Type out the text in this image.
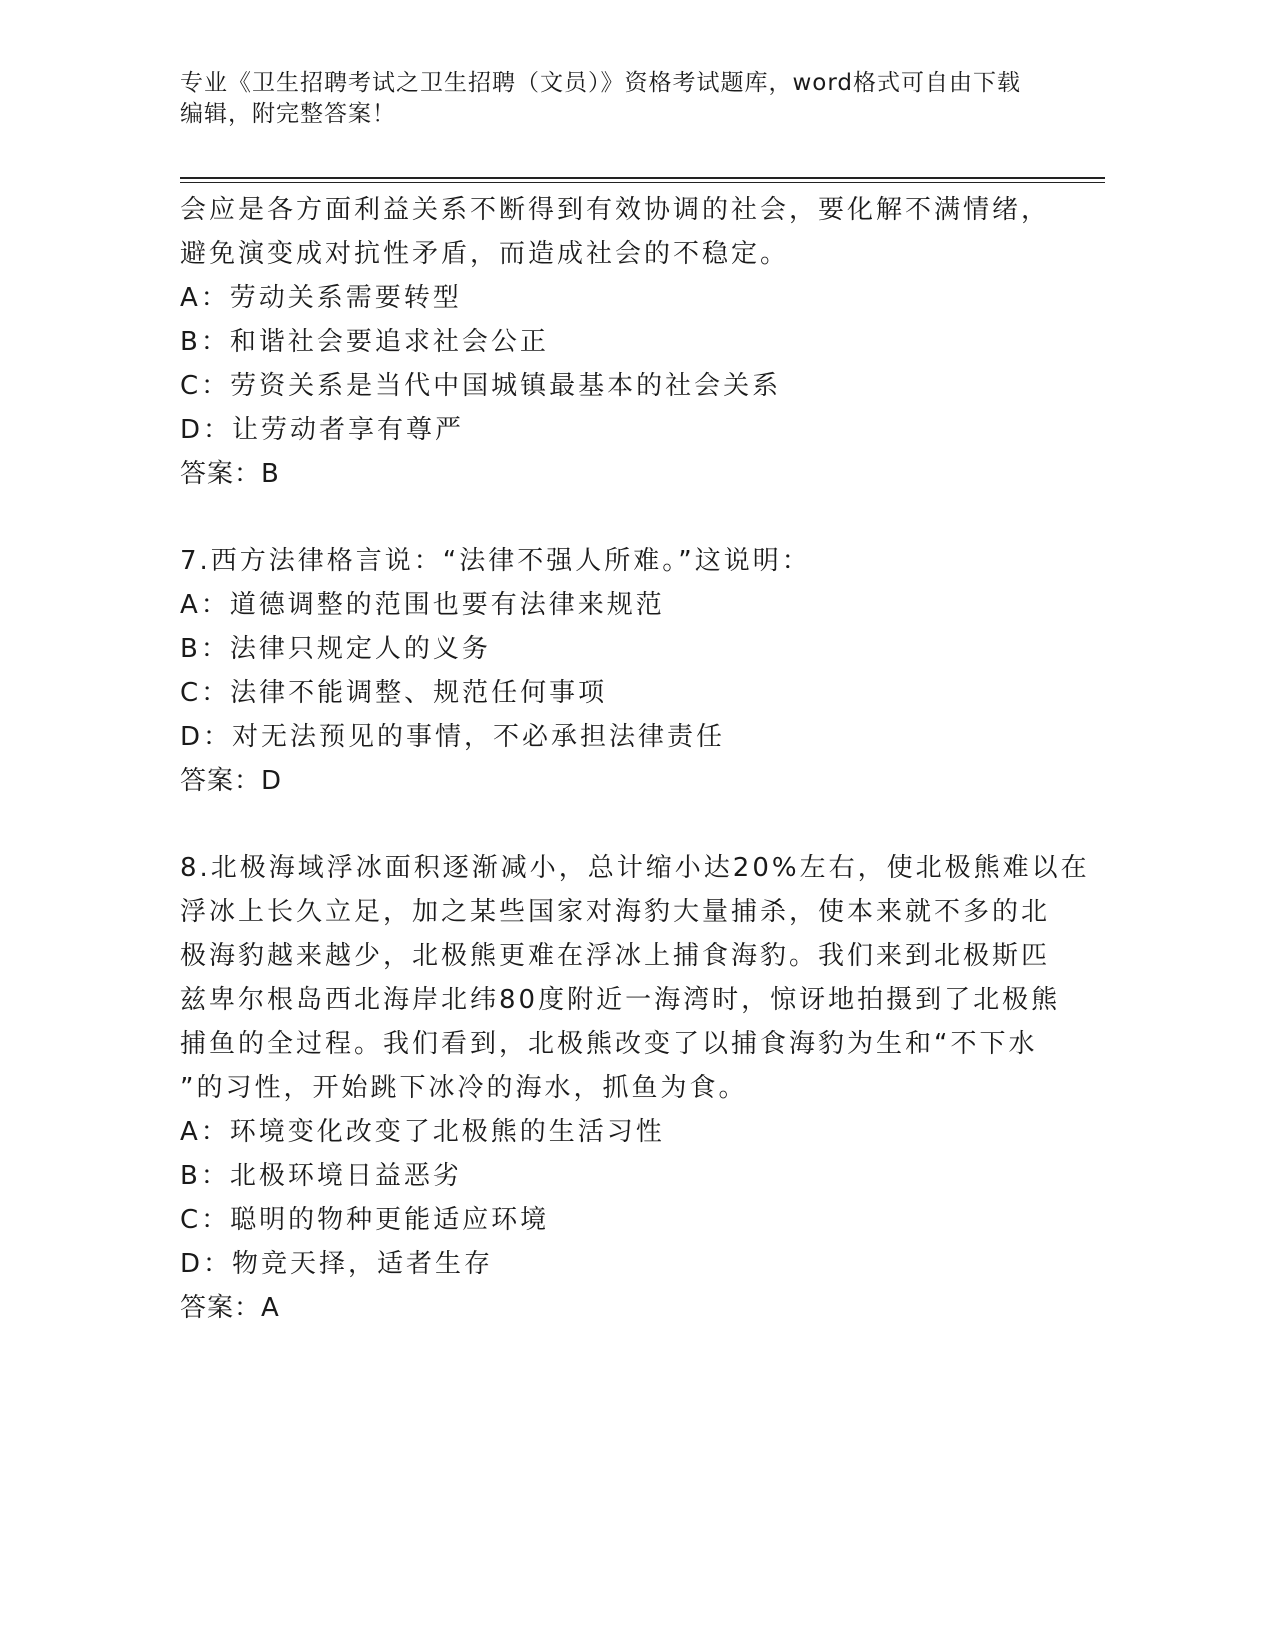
专业《卫生招聘考试之卫生招聘（文员）》资格考试题库，word格式可自由下载
编辑，附完整答案！
会应是各方面利益关系不断得到有效协调的社会，要化解不满情绪，
避免演变成对抗性矛盾，而造成社会的不稳定。
A：劳动关系需要转型
B：和谐社会要追求社会公正
C：劳资关系是当代中国城镇最基本的社会关系
D：让劳动者享有尊严
答案：B
7.西方法律格言说：“法律不强人所难。”这说明：
A：道德调整的范围也要有法律来规范
B：法律只规定人的义务
C：法律不能调整、规范任何事项
D：对无法预见的事情，不必承担法律责任
答案：D
8.北极海域浮冰面积逐渐减小，总计缩小达20%左右，使北极熊难以在
浮冰上长久立足，加之某些国家对海豹大量捕杀，使本来就不多的北
极海豹越来越少，北极熊更难在浮冰上捕食海豹。我们来到北极斯匹
兹卑尔根岛西北海岸北纬80度附近一海湾时，惊讶地拍摄到了北极熊
捕鱼的全过程。我们看到，北极熊改变了以捕食海豹为生和“不下水
”的习性，开始跳下冰冷的海水，抓鱼为食。
A：环境变化改变了北极熊的生活习性
B：北极环境日益恶劣
C：聪明的物种更能适应环境
D：物竞天择，适者生存
答案：A
